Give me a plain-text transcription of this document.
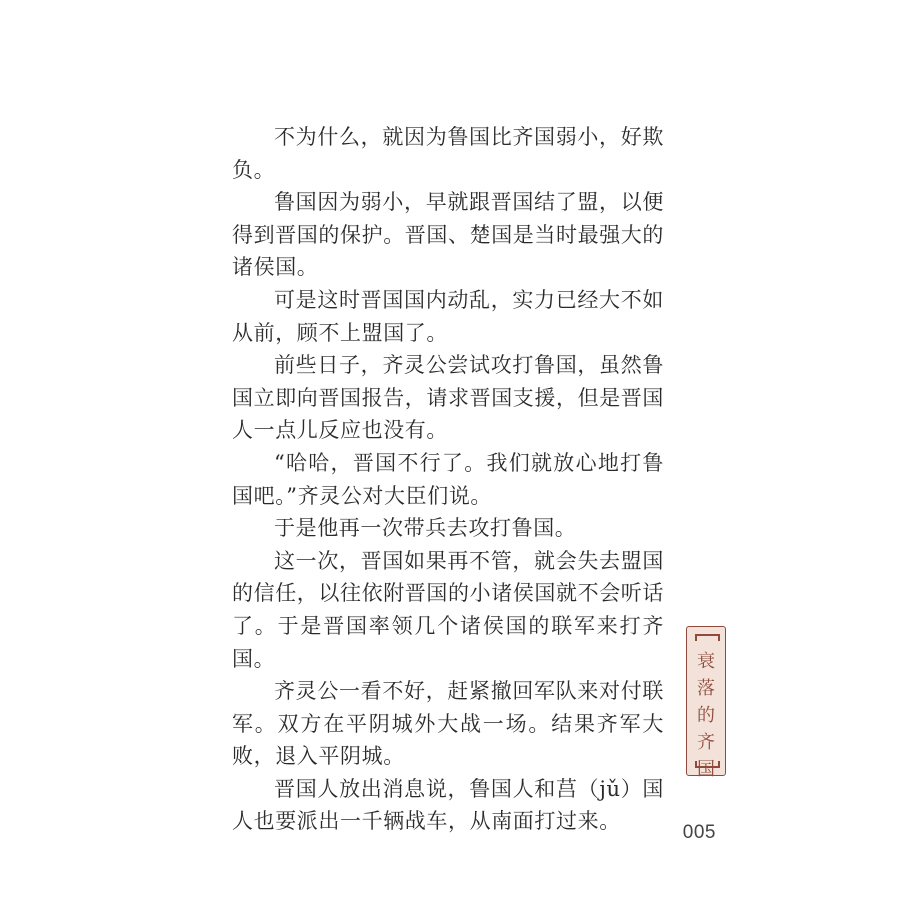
不为什么，就因为鲁国比齐国弱小，好欺负。

鲁国因为弱小，早就跟晋国结了盟，以便得到晋国的保护。晋国、楚国是当时最强大的诸侯国。

可是这时晋国国内动乱，实力已经大不如从前，顾不上盟国了。

前些日子，齐灵公尝试攻打鲁国，虽然鲁国立即向晋国报告，请求晋国支援，但是晋国人一点儿反应也没有。

“哈哈，晋国不行了。我们就放心地打鲁国吧。”齐灵公对大臣们说。

于是他再一次带兵去攻打鲁国。

这一次，晋国如果再不管，就会失去盟国的信任，以往依附晋国的小诸侯国就不会听话了。于是晋国率领几个诸侯国的联军来打齐国。

齐灵公一看不好，赶紧撤回军队来对付联军。双方在平阴城外大战一场。结果齐军大败，退入平阴城。

晋国人放出消息说，鲁国人和莒（jǔ）国人也要派出一千辆战车，从南面打过来。

衰落的齐国
005
